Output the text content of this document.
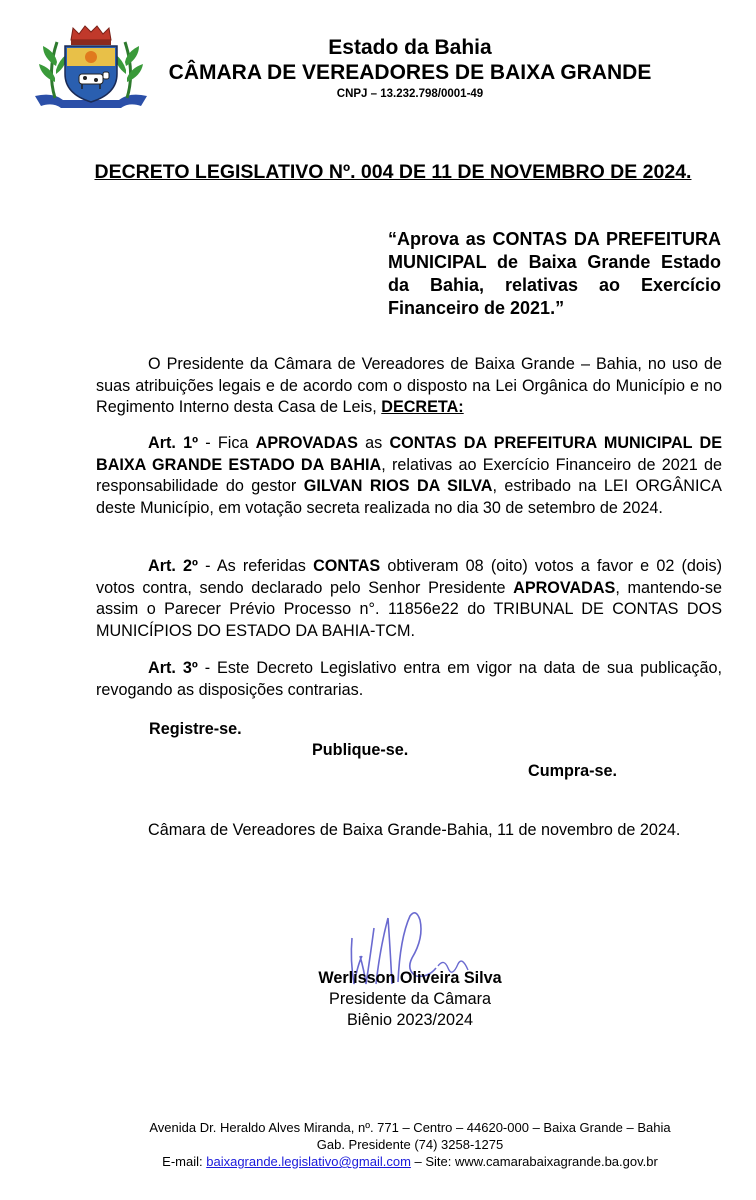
Estado da Bahia

CÂMARA DE VEREADORES DE BAIXA GRANDE

CNPJ – 13.232.798/0001-49

DECRETO LEGISLATIVO Nº. 004 DE 11 DE NOVEMBRO DE 2024.

“Aprova as CONTAS DA PREFEITURA MUNICIPAL de Baixa Grande Estado da Bahia, relativas ao Exercício Financeiro de 2021.”

O Presidente da Câmara de Vereadores de Baixa Grande – Bahia, no uso de suas atribuições legais e de acordo com o disposto na Lei Orgânica do Município e no Regimento Interno desta Casa de Leis, DECRETA:

Art. 1º - Fica APROVADAS as CONTAS DA PREFEITURA MUNICIPAL DE BAIXA GRANDE ESTADO DA BAHIA, relativas ao Exercício Financeiro de 2021 de responsabilidade do gestor GILVAN RIOS DA SILVA, estribado na LEI ORGÂNICA deste Município, em votação secreta realizada no dia 30 de setembro de 2024.

Art. 2º - As referidas CONTAS obtiveram 08 (oito) votos a favor e 02 (dois) votos contra, sendo declarado pelo Senhor Presidente APROVADAS, mantendo-se assim o Parecer Prévio Processo n°. 11856e22 do TRIBUNAL DE CONTAS DOS MUNICÍPIOS DO ESTADO DA BAHIA-TCM.

Art. 3º - Este Decreto Legislativo entra em vigor na data de sua publicação, revogando as disposições contrarias.

Registre-se.

Publique-se.

Cumpra-se.

Câmara de Vereadores de Baixa Grande-Bahia, 11 de novembro de 2024.

Werlisson Oliveira Silva

Presidente da Câmara

Biênio 2023/2024

Avenida Dr. Heraldo Alves Miranda, nº. 771 – Centro – 44620-000 – Baixa Grande – Bahia

Gab. Presidente (74) 3258-1275

E-mail: baixagrande.legislativo@gmail.com – Site: www.camarabaixagrande.ba.gov.br
